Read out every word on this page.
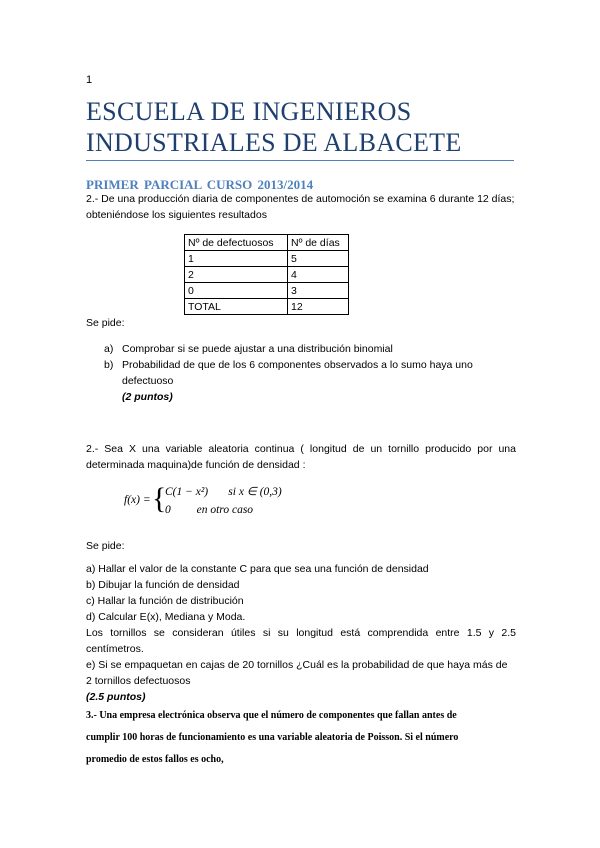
1
ESCUELA DE INGENIEROS INDUSTRIALES DE ALBACETE
PRIMER PARCIAL CURSO 2013/2014
2.- De una producción diaria de componentes de automoción se examina 6 durante 12 días; obteniéndose los siguientes resultados
Nº de defectuosos	Nº de días
1	5
2	4
0	3
TOTAL	12
Se pide:
a) Comprobar si se puede ajustar a una distribución binomial
b) Probabilidad de que de los 6 componentes observados a lo sumo haya uno defectuoso
(2 puntos)
2.- Sea X una variable aleatoria continua ( longitud de un tornillo producido por una determinada maquina)de función de densidad :
f(x) = {
C(1 − x²) si x ∈ (0,3)
0 en otro caso
Se pide:
a) Hallar el valor de la constante C para que sea una función de densidad
b) Dibujar la función de densidad
c) Hallar la función de distribución
d) Calcular E(x), Mediana y Moda.
Los tornillos se consideran útiles si su longitud está comprendida entre 1.5 y 2.5 centímetros.
e) Si se empaquetan en cajas de 20 tornillos ¿Cuál es la probabilidad de que haya más de 2 tornillos defectuosos
(2.5 puntos)
3.- Una empresa electrónica observa que el número de componentes que fallan antes de
cumplir 100 horas de funcionamiento es una variable aleatoria de Poisson. Si el número
promedio de estos fallos es ocho,
